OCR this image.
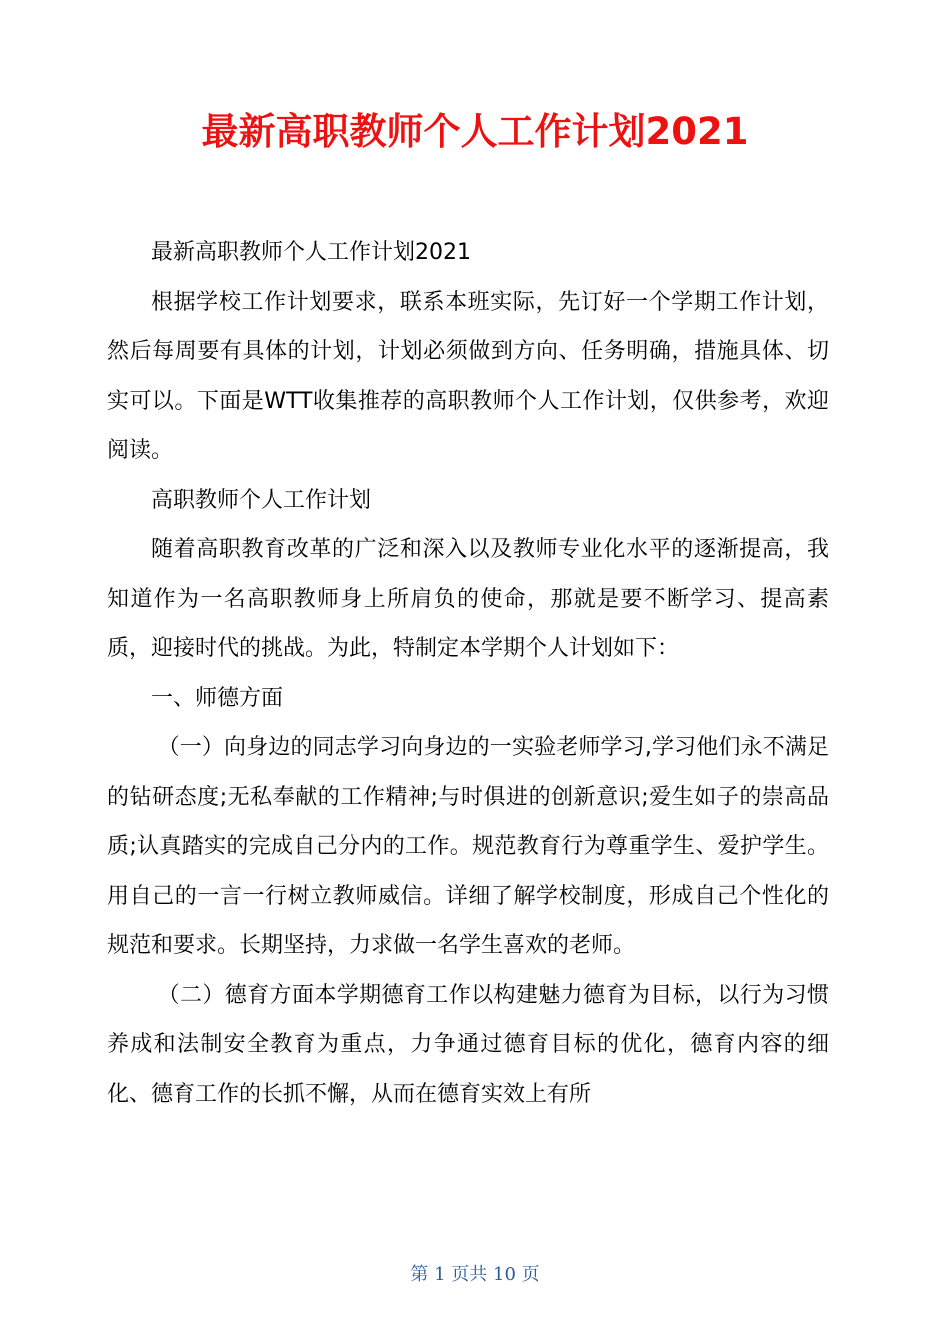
最新高职教师个人工作计划2021

最新高职教师个人工作计划2021

根据学校工作计划要求，联系本班实际，先订好一个学期工作计划，然后每周要有具体的计划，计划必须做到方向、任务明确，措施具体、切实可以。下面是WTT收集推荐的高职教师个人工作计划，仅供参考，欢迎阅读。

高职教师个人工作计划

随着高职教育改革的广泛和深入以及教师专业化水平的逐渐提高，我知道作为一名高职教师身上所肩负的使命，那就是要不断学习、提高素质，迎接时代的挑战。为此，特制定本学期个人计划如下：

一、师德方面

（一）向身边的同志学习向身边的一实验老师学习,学习他们永不满足的钻研态度;无私奉献的工作精神;与时俱进的创新意识;爱生如子的崇高品质;认真踏实的完成自己分内的工作。规范教育行为尊重学生、爱护学生。用自己的一言一行树立教师威信。详细了解学校制度，形成自己个性化的规范和要求。长期坚持，力求做一名学生喜欢的老师。

（二）德育方面本学期德育工作以构建魅力德育为目标，以行为习惯养成和法制安全教育为重点，力争通过德育目标的优化，德育内容的细化、德育工作的长抓不懈，从而在德育实效上有所

第 1 页共 10 页
